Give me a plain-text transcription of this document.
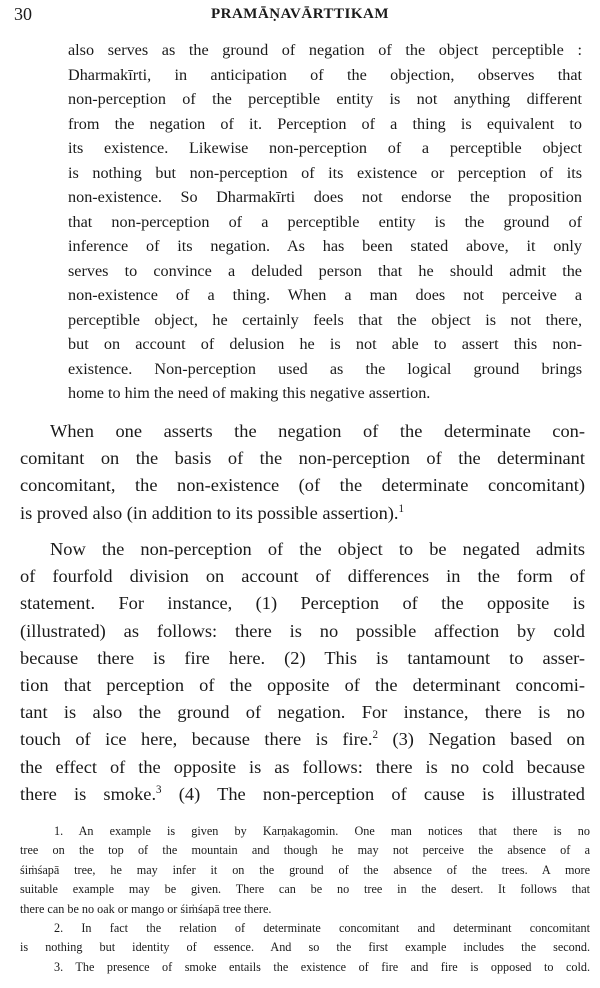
30	PRAMĀṆAVĀRTTIKAM
also serves as the ground of negation of the object perceptible :
Dharmakīrti, in anticipation of the objection, observes that
non-perception of the perceptible entity is not anything different
from the negation of it. Perception of a thing is equivalent to
its existence. Likewise non-perception of a perceptible object
is nothing but non-perception of its existence or perception of its
non-existence. So Dharmakīrti does not endorse the proposition
that non-perception of a perceptible entity is the ground of
inference of its negation. As has been stated above, it only
serves to convince a deluded person that he should admit the
non-existence of a thing. When a man does not perceive a
perceptible object, he certainly feels that the object is not there,
but on account of delusion he is not able to assert this non-
existence. Non-perception used as the logical ground brings
home to him the need of making this negative assertion.
When one asserts the negation of the determinate con-
comitant on the basis of the non-perception of the determinant
concomitant, the non-existence (of the determinate concomitant)
is proved also (in addition to its possible assertion).$^1$
Now the non-perception of the object to be negated admits
of fourfold division on account of differences in the form of
statement. For instance, (1) Perception of the opposite is
(illustrated) as follows: there is no possible affection by cold
because there is fire here. (2) This is tantamount to asser-
tion that perception of the opposite of the determinant concomi-
tant is also the ground of negation. For instance, there is no
touch of ice here, because there is fire.$^2$ (3) Negation based on
the effect of the opposite is as follows: there is no cold because
there is smoke.$^3$ (4) The non-perception of cause is illustrated
1. An example is given by Karṇakagomin. One man notices that there is no
tree on the top of the mountain and though he may not perceive the absence of a
śiṁśapā tree, he may infer it on the ground of the absence of the trees. A more
suitable example may be given. There can be no tree in the desert. It follows that
there can be no oak or mango or śiṁśapā tree there.
2. In fact the relation of determinate concomitant and determinant concomitant
is nothing but identity of essence. And so the first example includes the second.
3. The presence of smoke entails the existence of fire and fire is opposed to cold.
